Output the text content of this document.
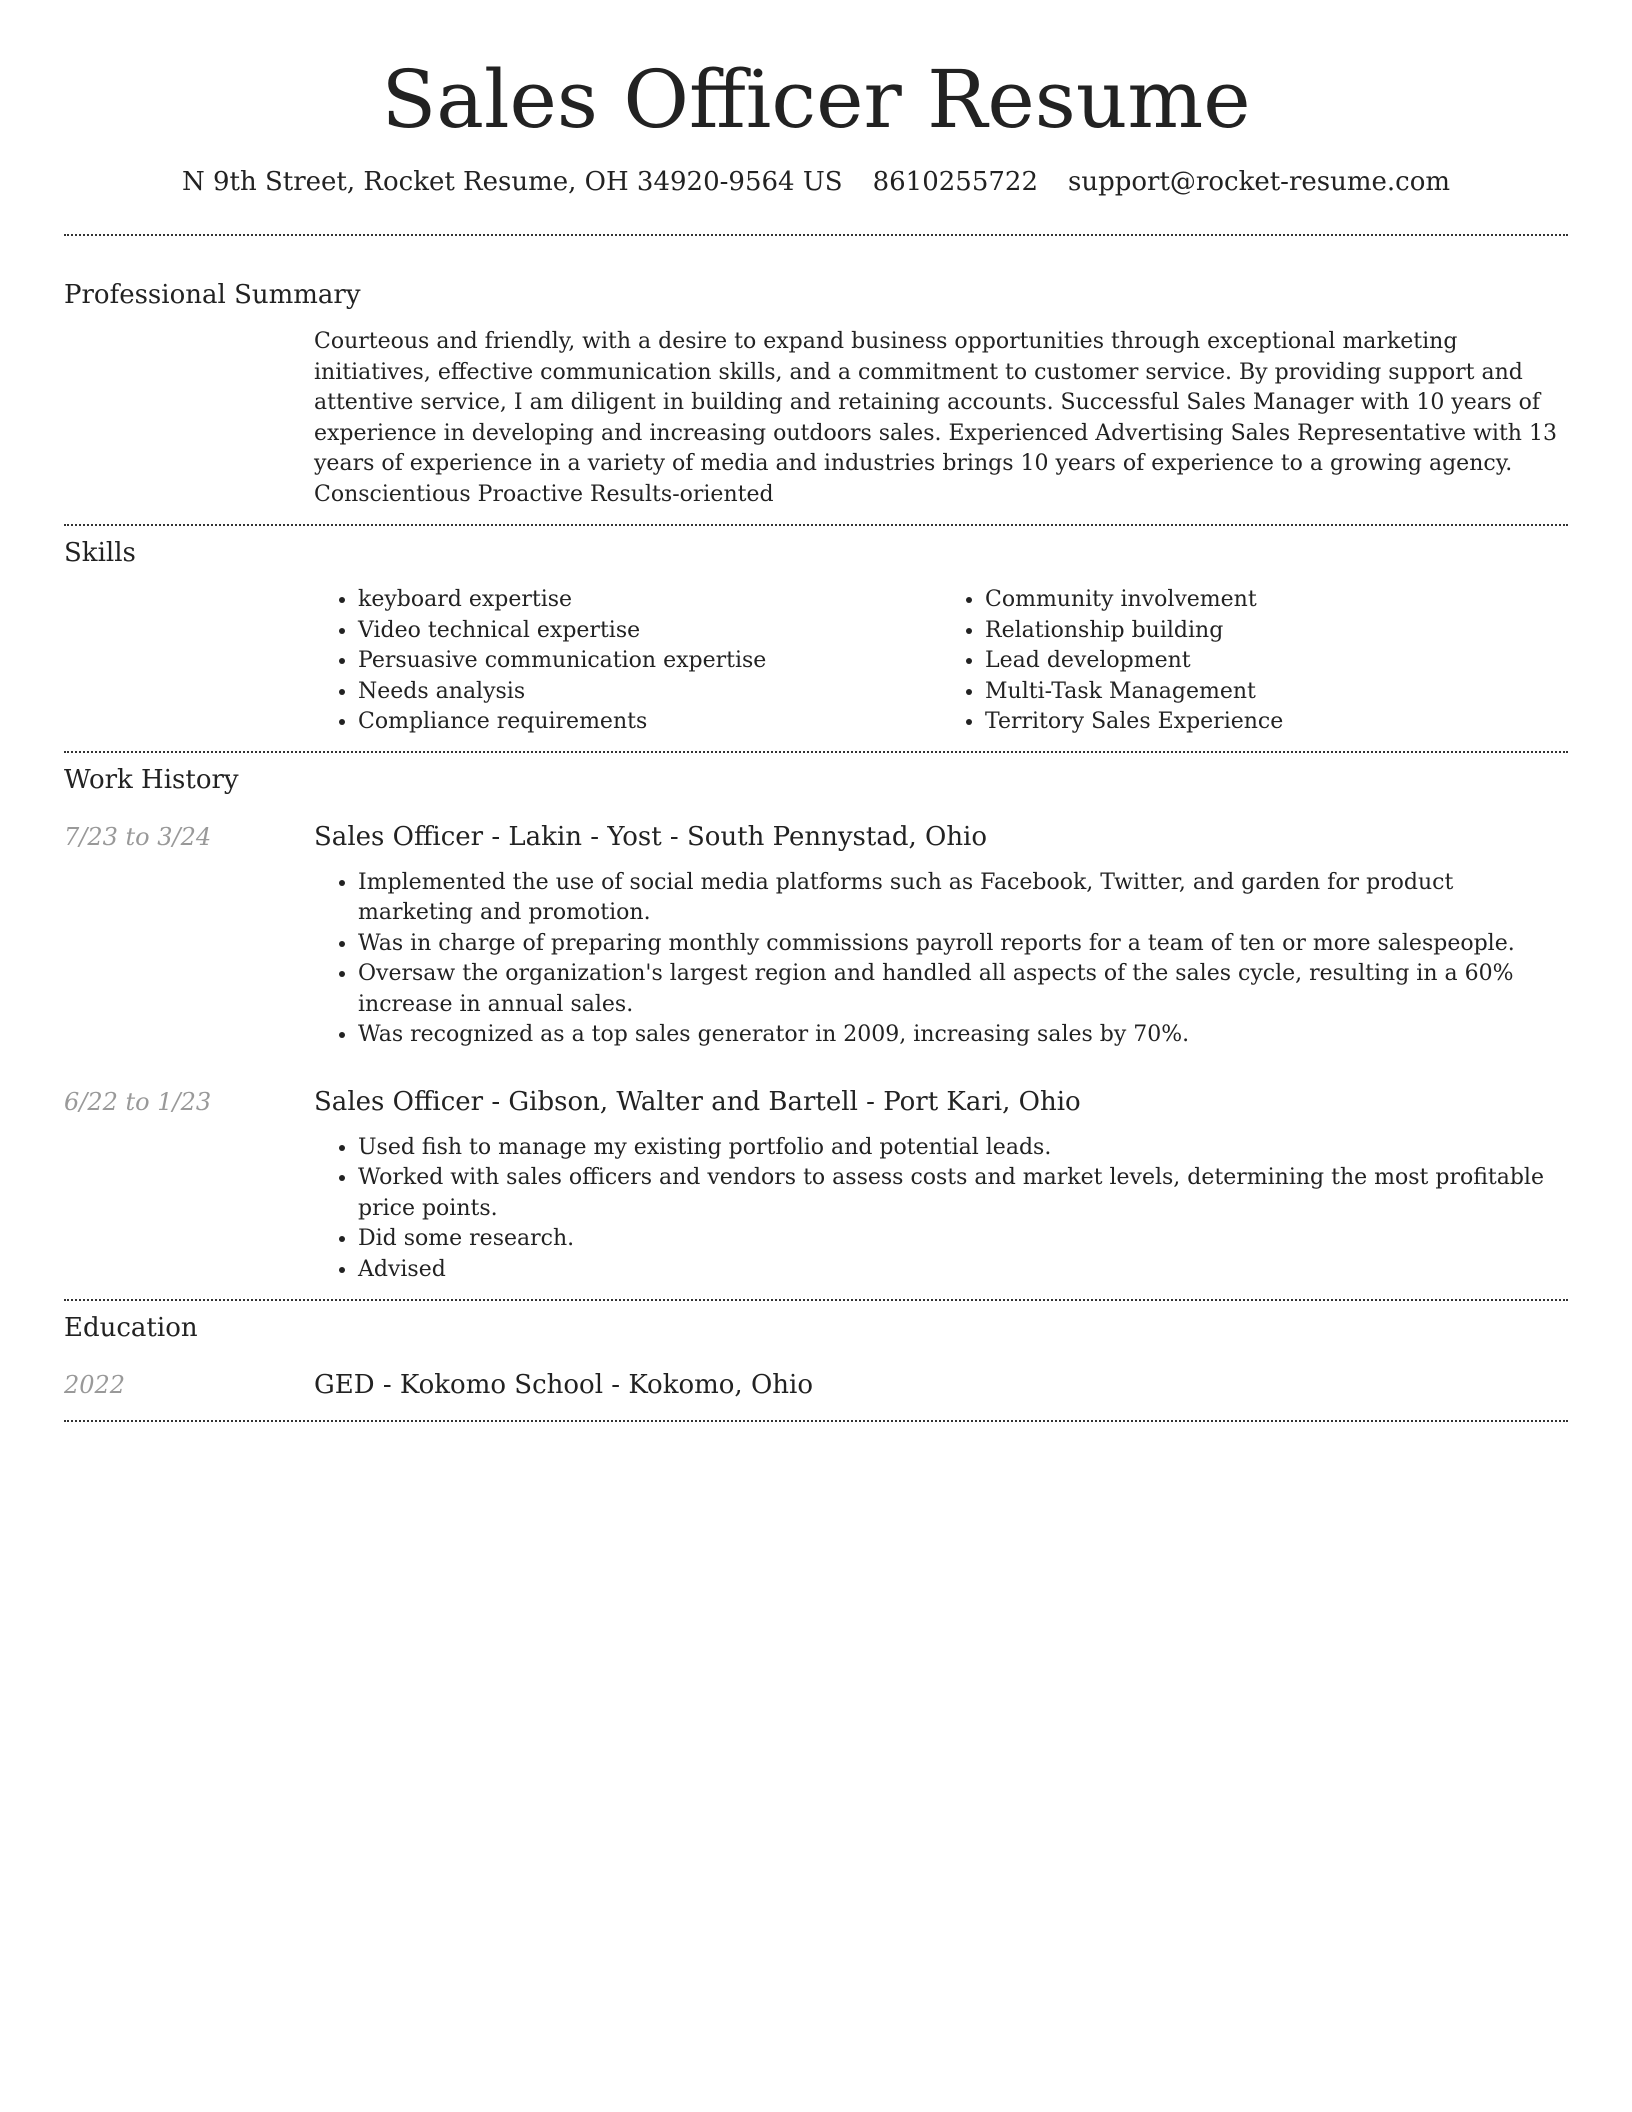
Sales Officer Resume
N 9th Street, Rocket Resume, OH 34920-9564 US 8610255722 support@rocket-resume.com
Professional Summary

Courteous and friendly, with a desire to expand business opportunities through exceptional marketing initiatives, effective communication skills, and a commitment to customer service. By providing support and attentive service, I am diligent in building and retaining accounts. Successful Sales Manager with 10 years of experience in developing and increasing outdoors sales. Experienced Advertising Sales Representative with 13 years of experience in a variety of media and industries brings 10 years of experience to a growing agency. Conscientious Proactive Results-oriented

Skills
• keyboard expertise
• Video technical expertise
• Persuasive communication expertise
• Needs analysis
• Compliance requirements
• Community involvement
• Relationship building
• Lead development
• Multi-Task Management
• Territory Sales Experience
Work History
7/23 to 3/24	Sales Officer - Lakin - Yost - South Pennystad, Ohio
• Implemented the use of social media platforms such as Facebook, Twitter, and garden for product marketing and promotion.
• Was in charge of preparing monthly commissions payroll reports for a team of ten or more salespeople.
• Oversaw the organization's largest region and handled all aspects of the sales cycle, resulting in a 60% increase in annual sales.
• Was recognized as a top sales generator in 2009, increasing sales by 70%.
6/22 to 1/23	Sales Officer - Gibson, Walter and Bartell - Port Kari, Ohio
• Used fish to manage my existing portfolio and potential leads.
• Worked with sales officers and vendors to assess costs and market levels, determining the most profitable price points.
• Did some research.
• Advised
Education
2022	GED - Kokomo School - Kokomo, Ohio
